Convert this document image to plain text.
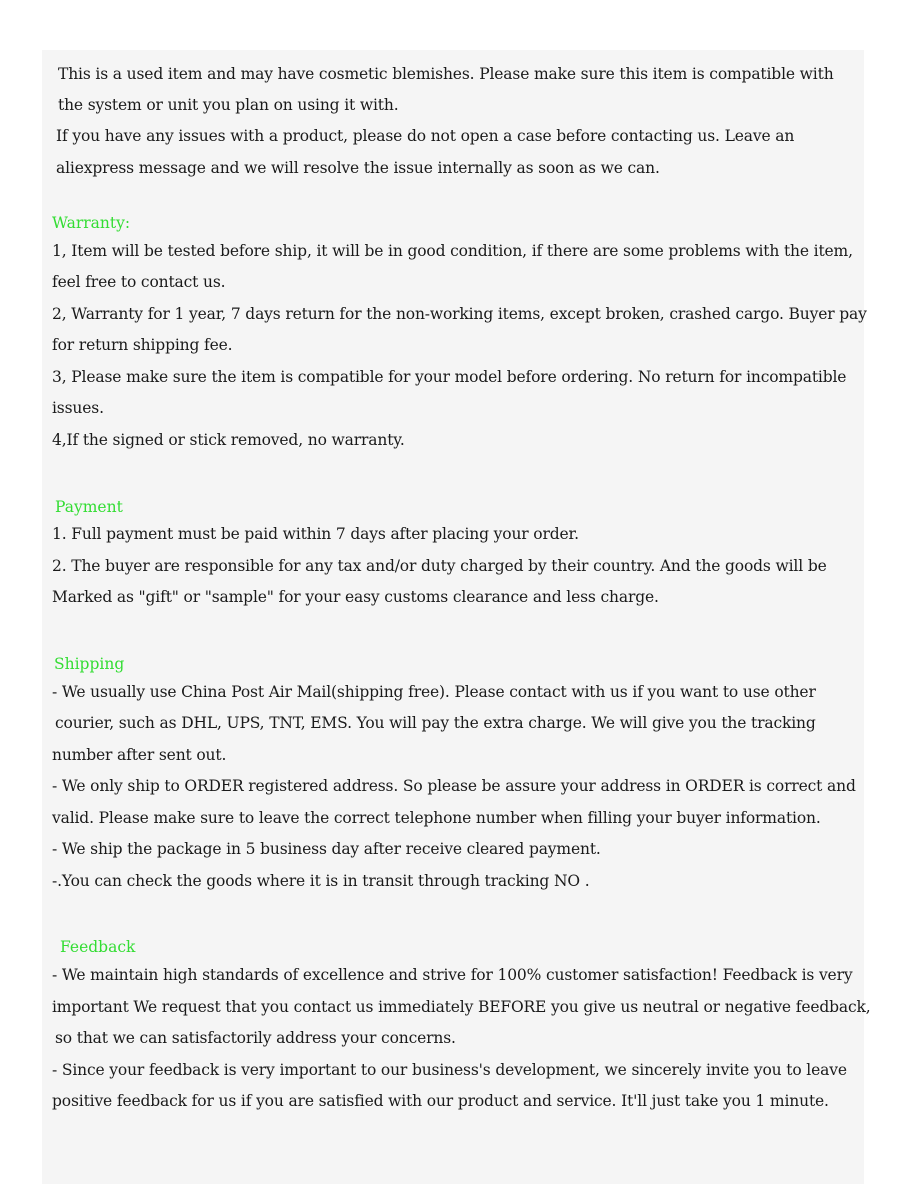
This is a used item and may have cosmetic blemishes. Please make sure this item is compatible with
the system or unit you plan on using it with.
If you have any issues with a product, please do not open a case before contacting us. Leave an
aliexpress message and we will resolve the issue internally as soon as we can.
Warranty:
1, Item will be tested before ship, it will be in good condition, if there are some problems with the item,
feel free to contact us.
2, Warranty for 1 year, 7 days return for the non-working items, except broken, crashed cargo. Buyer pay
for return shipping fee.
3, Please make sure the item is compatible for your model before ordering. No return for incompatible
issues.
4,If the signed or stick removed, no warranty.
Payment
1. Full payment must be paid within 7 days after placing your order.
2. The buyer are responsible for any tax and/or duty charged by their country. And the goods will be
Marked as "gift" or "sample" for your easy customs clearance and less charge.
Shipping
- We usually use China Post Air Mail(shipping free). Please contact with us if you want to use other
courier, such as DHL, UPS, TNT, EMS. You will pay the extra charge. We will give you the tracking
number after sent out.
- We only ship to ORDER registered address. So please be assure your address in ORDER is correct and
valid. Please make sure to leave the correct telephone number when filling your buyer information.
- We ship the package in 5 business day after receive cleared payment.
-.You can check the goods where it is in transit through tracking NO .
Feedback
- We maintain high standards of excellence and strive for 100% customer satisfaction! Feedback is very
important We request that you contact us immediately BEFORE you give us neutral or negative feedback,
so that we can satisfactorily address your concerns.
- Since your feedback is very important to our business's development, we sincerely invite you to leave
positive feedback for us if you are satisfied with our product and service. It'll just take you 1 minute.
